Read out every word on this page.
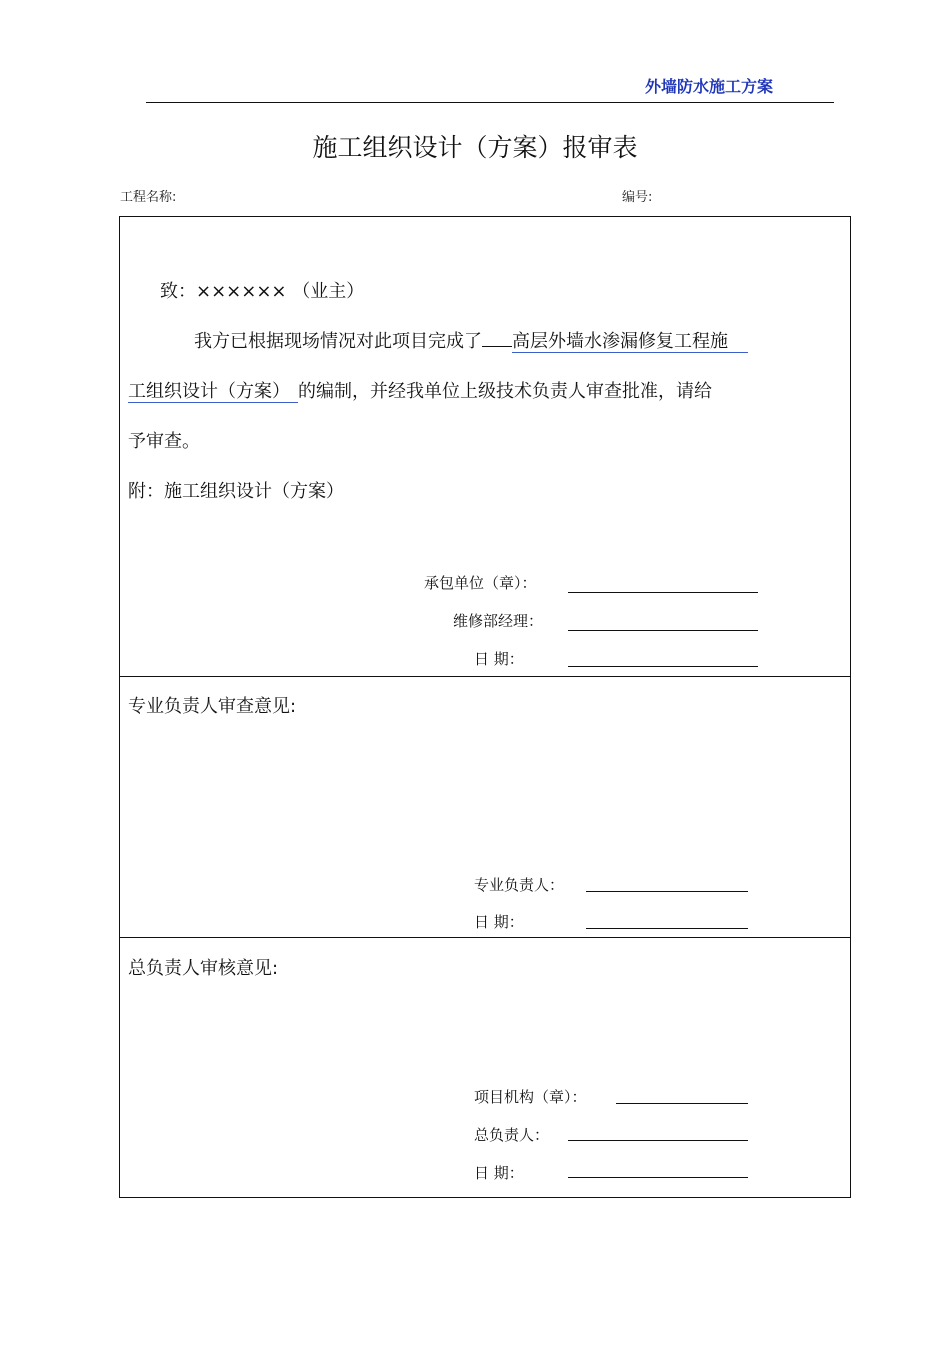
外墙防水施工方案
施工组织设计（方案）报审表
工程名称:	编号:
致：×××××× （业主）
我方已根据现场情况对此项目完成了 高层外墙水渗漏修复工程施
工组织设计（方案） 的编制，并经我单位上级技术负责人审查批准，请给
予审查。
附：施工组织设计（方案）
承包单位（章）：
维修部经理：
日 期：
专业负责人审查意见:
专业负责人：
日 期：
总负责人审核意见:
项目机构（章）：
总负责人：
日 期：
